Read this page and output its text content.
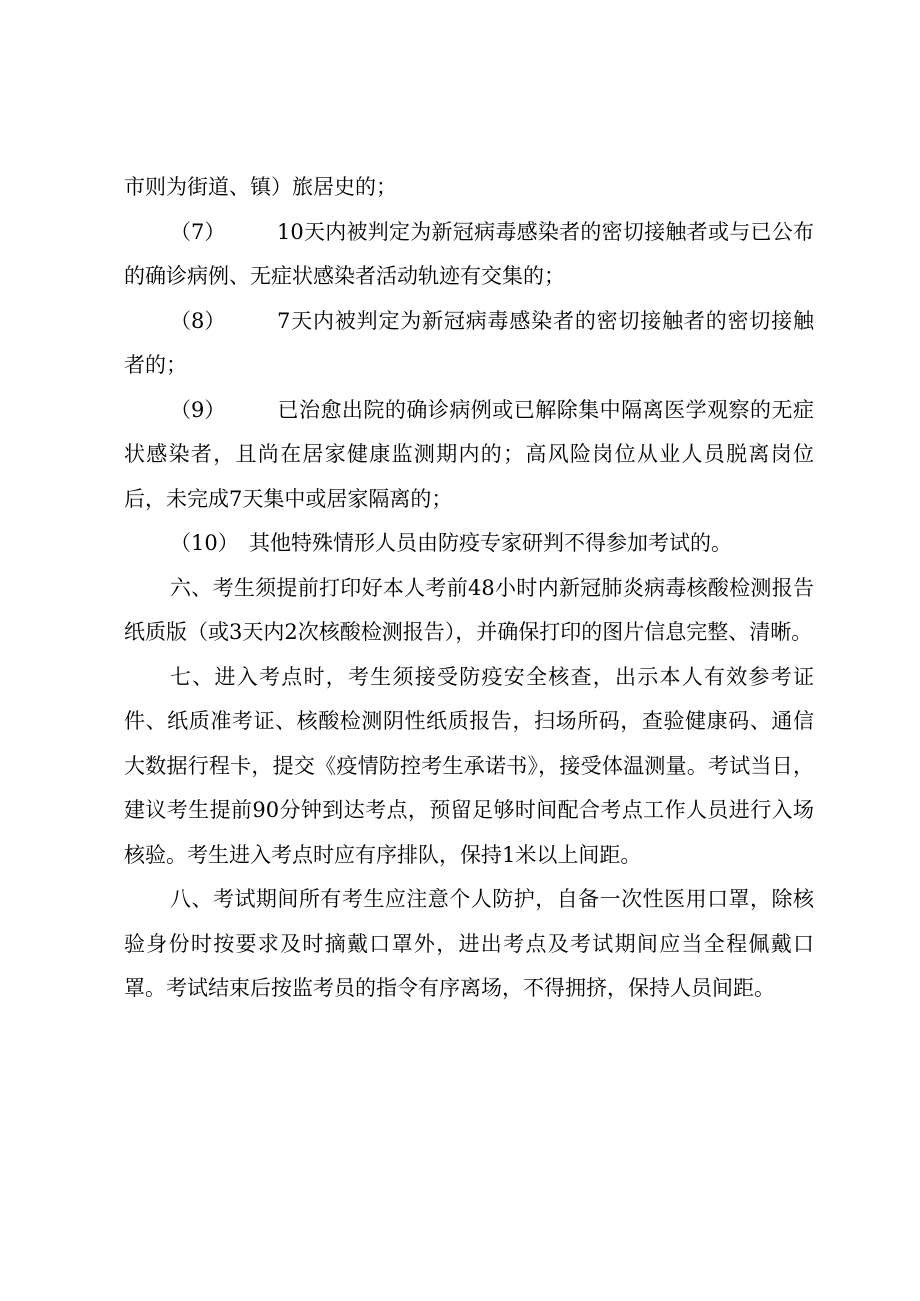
市则为街道、镇）旅居史的；

（7） 10天内被判定为新冠病毒感染者的密切接触者或与已公布的确诊病例、无症状感染者活动轨迹有交集的；

（8） 7天内被判定为新冠病毒感染者的密切接触者的密切接触者的；

（9） 已治愈出院的确诊病例或已解除集中隔离医学观察的无症状感染者，且尚在居家健康监测期内的；高风险岗位从业人员脱离岗位后，未完成7天集中或居家隔离的；

（10） 其他特殊情形人员由防疫专家研判不得参加考试的。

六、考生须提前打印好本人考前48小时内新冠肺炎病毒核酸检测报告纸质版（或3天内2次核酸检测报告），并确保打印的图片信息完整、清晰。

七、进入考点时，考生须接受防疫安全核查，出示本人有效参考证件、纸质准考证、核酸检测阴性纸质报告，扫场所码，查验健康码、通信大数据行程卡，提交《疫情防控考生承诺书》，接受体温测量。考试当日，建议考生提前90分钟到达考点，预留足够时间配合考点工作人员进行入场核验。考生进入考点时应有序排队，保持1米以上间距。

八、考试期间所有考生应注意个人防护，自备一次性医用口罩，除核验身份时按要求及时摘戴口罩外，进出考点及考试期间应当全程佩戴口罩。考试结束后按监考员的指令有序离场，不得拥挤，保持人员间距。
